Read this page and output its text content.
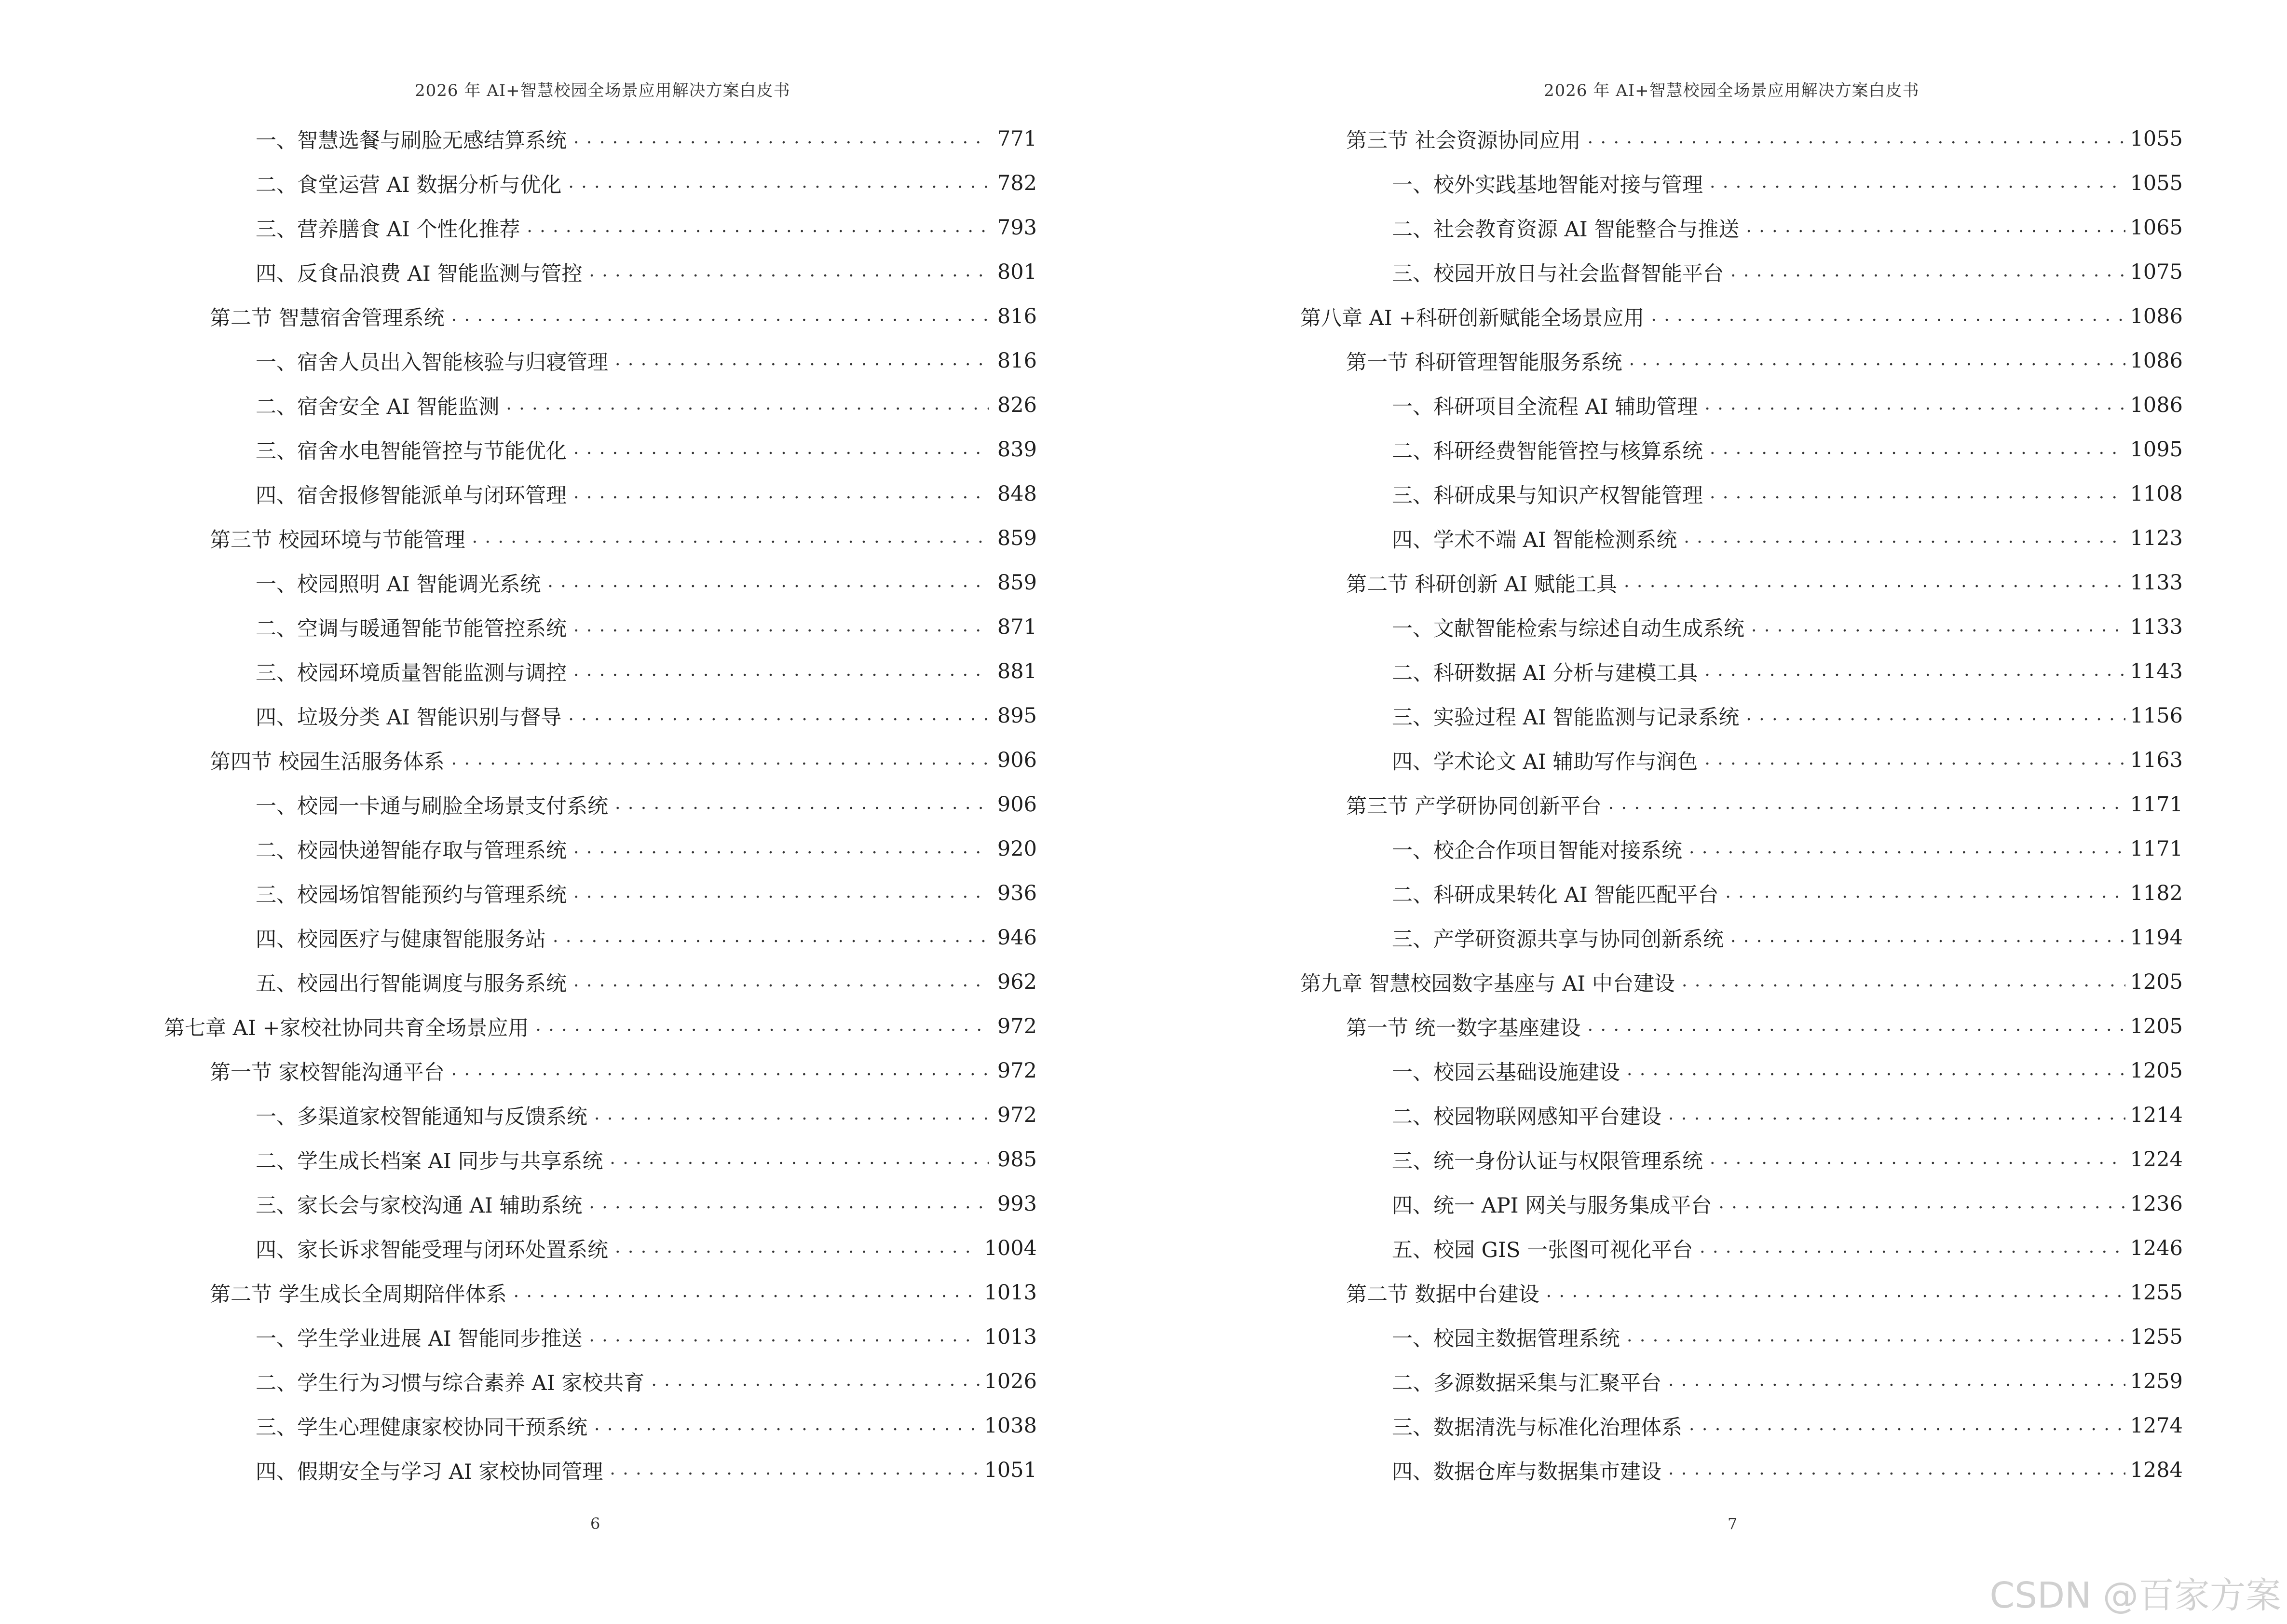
2026 年 AI+智慧校园全场景应用解决方案白皮书
一、智慧选餐与刷脸无感结算系统 . . .	771
二、食堂运营 AI 数据分析与优化 . . .	782
三、营养膳食 AI 个性化推荐 . . .	793
四、反食品浪费 AI 智能监测与管控 . . .	801
第二节 智慧宿舍管理系统 . . .	816
一、宿舍人员出入智能核验与归寝管理 . . .	816
二、宿舍安全 AI 智能监测 . . .	826
三、宿舍水电智能管控与节能优化 . . .	839
四、宿舍报修智能派单与闭环管理 . . .	848
第三节 校园环境与节能管理 . . .	859
一、校园照明 AI 智能调光系统 . . .	859
二、空调与暖通智能节能管控系统 . . .	871
三、校园环境质量智能监测与调控 . . .	881
四、垃圾分类 AI 智能识别与督导 . . .	895
第四节 校园生活服务体系 . . .	906
一、校园一卡通与刷脸全场景支付系统 . . .	906
二、校园快递智能存取与管理系统 . . .	920
三、校园场馆智能预约与管理系统 . . .	936
四、校园医疗与健康智能服务站 . . .	946
五、校园出行智能调度与服务系统 . . .	962
第七章 AI +家校社协同共育全场景应用 . . .	972
第一节 家校智能沟通平台 . . .	972
一、多渠道家校智能通知与反馈系统 . . .	972
二、学生成长档案 AI 同步与共享系统 . . .	985
三、家长会与家校沟通 AI 辅助系统 . . .	993
四、家长诉求智能受理与闭环处置系统 . . .	1004
第二节 学生成长全周期陪伴体系 . . .	1013
一、学生学业进展 AI 智能同步推送 . . .	1013
二、学生行为习惯与综合素养 AI 家校共育 . . .	1026
三、学生心理健康家校协同干预系统 . . .	1038
四、假期安全与学习 AI 家校协同管理 . . .	1051
6
2026 年 AI+智慧校园全场景应用解决方案白皮书
第三节 社会资源协同应用 . . .	1055
一、校外实践基地智能对接与管理 . . .	1055
二、社会教育资源 AI 智能整合与推送 . . .	1065
三、校园开放日与社会监督智能平台 . . .	1075
第八章 AI +科研创新赋能全场景应用 . . .	1086
第一节 科研管理智能服务系统 . . .	1086
一、科研项目全流程 AI 辅助管理 . . .	1086
二、科研经费智能管控与核算系统 . . .	1095
三、科研成果与知识产权智能管理 . . .	1108
四、学术不端 AI 智能检测系统 . . .	1123
第二节 科研创新 AI 赋能工具 . . .	1133
一、文献智能检索与综述自动生成系统 . . .	1133
二、科研数据 AI 分析与建模工具 . . .	1143
三、实验过程 AI 智能监测与记录系统 . . .	1156
四、学术论文 AI 辅助写作与润色 . . .	1163
第三节 产学研协同创新平台 . . .	1171
一、校企合作项目智能对接系统 . . .	1171
二、科研成果转化 AI 智能匹配平台 . . .	1182
三、产学研资源共享与协同创新系统 . . .	1194
第九章 智慧校园数字基座与 AI 中台建设 . . .	1205
第一节 统一数字基座建设 . . .	1205
一、校园云基础设施建设 . . .	1205
二、校园物联网感知平台建设 . . .	1214
三、统一身份认证与权限管理系统 . . .	1224
四、统一 API 网关与服务集成平台 . . .	1236
五、校园 GIS 一张图可视化平台 . . .	1246
第二节 数据中台建设 . . .	1255
一、校园主数据管理系统 . . .	1255
二、多源数据采集与汇聚平台 . . .	1259
三、数据清洗与标准化治理体系 . . .	1274
四、数据仓库与数据集市建设 . . .	1284
7
CSDN @百家方案
